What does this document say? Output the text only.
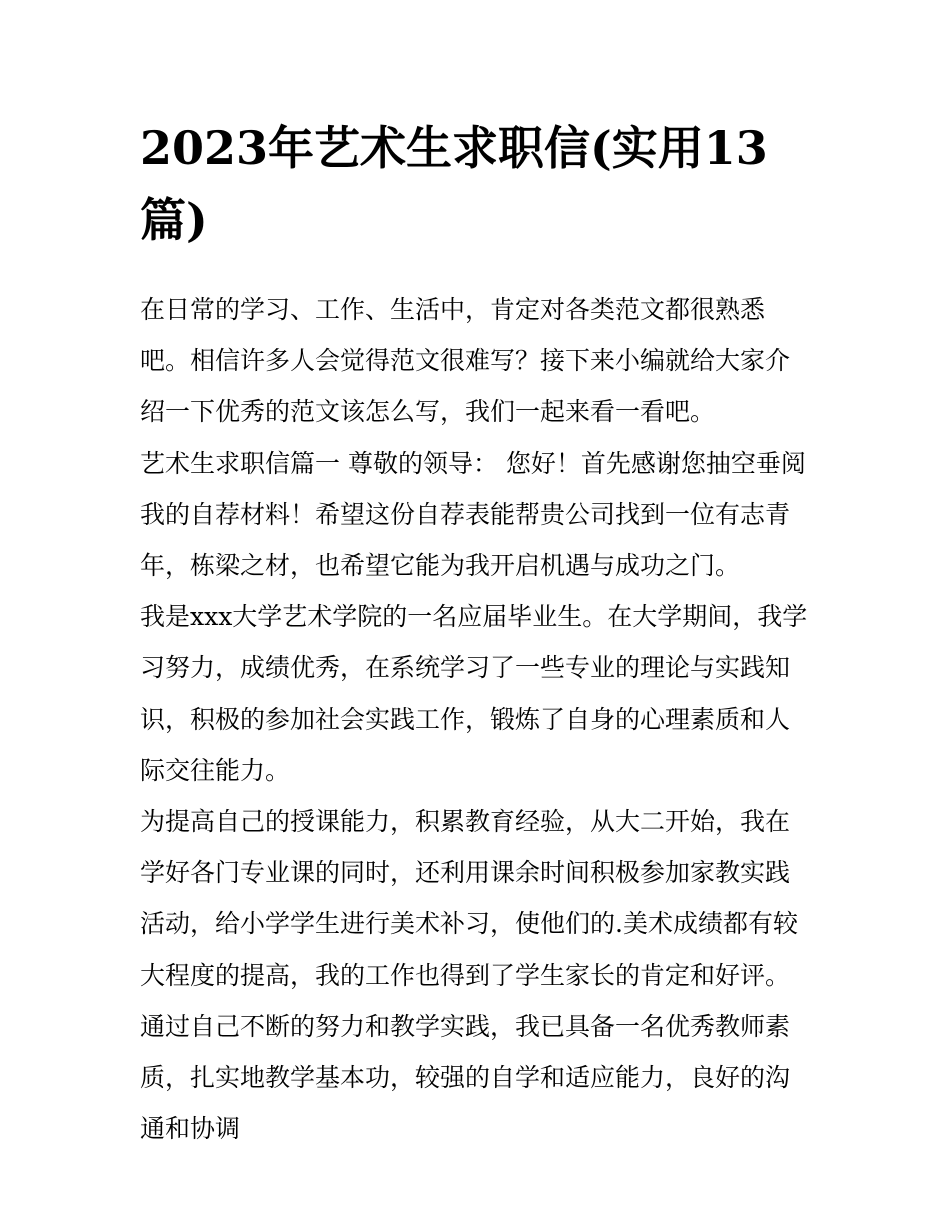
2023年艺术生求职信(实用13篇)

在日常的学习、工作、生活中，肯定对各类范文都很熟悉吧。相信许多人会觉得范文很难写？接下来小编就给大家介绍一下优秀的范文该怎么写，我们一起来看一看吧。

艺术生求职信篇一 尊敬的领导： 您好！首先感谢您抽空垂阅我的自荐材料！希望这份自荐表能帮贵公司找到一位有志青年，栋梁之材，也希望它能为我开启机遇与成功之门。

我是xxx大学艺术学院的一名应届毕业生。在大学期间，我学习努力，成绩优秀，在系统学习了一些专业的理论与实践知识，积极的参加社会实践工作，锻炼了自身的心理素质和人际交往能力。

为提高自己的授课能力，积累教育经验，从大二开始，我在学好各门专业课的同时，还利用课余时间积极参加家教实践活动，给小学学生进行美术补习，使他们的.美术成绩都有较大程度的提高，我的工作也得到了学生家长的肯定和好评。通过自己不断的努力和教学实践，我已具备一名优秀教师素质，扎实地教学基本功，较强的自学和适应能力，良好的沟通和协调
